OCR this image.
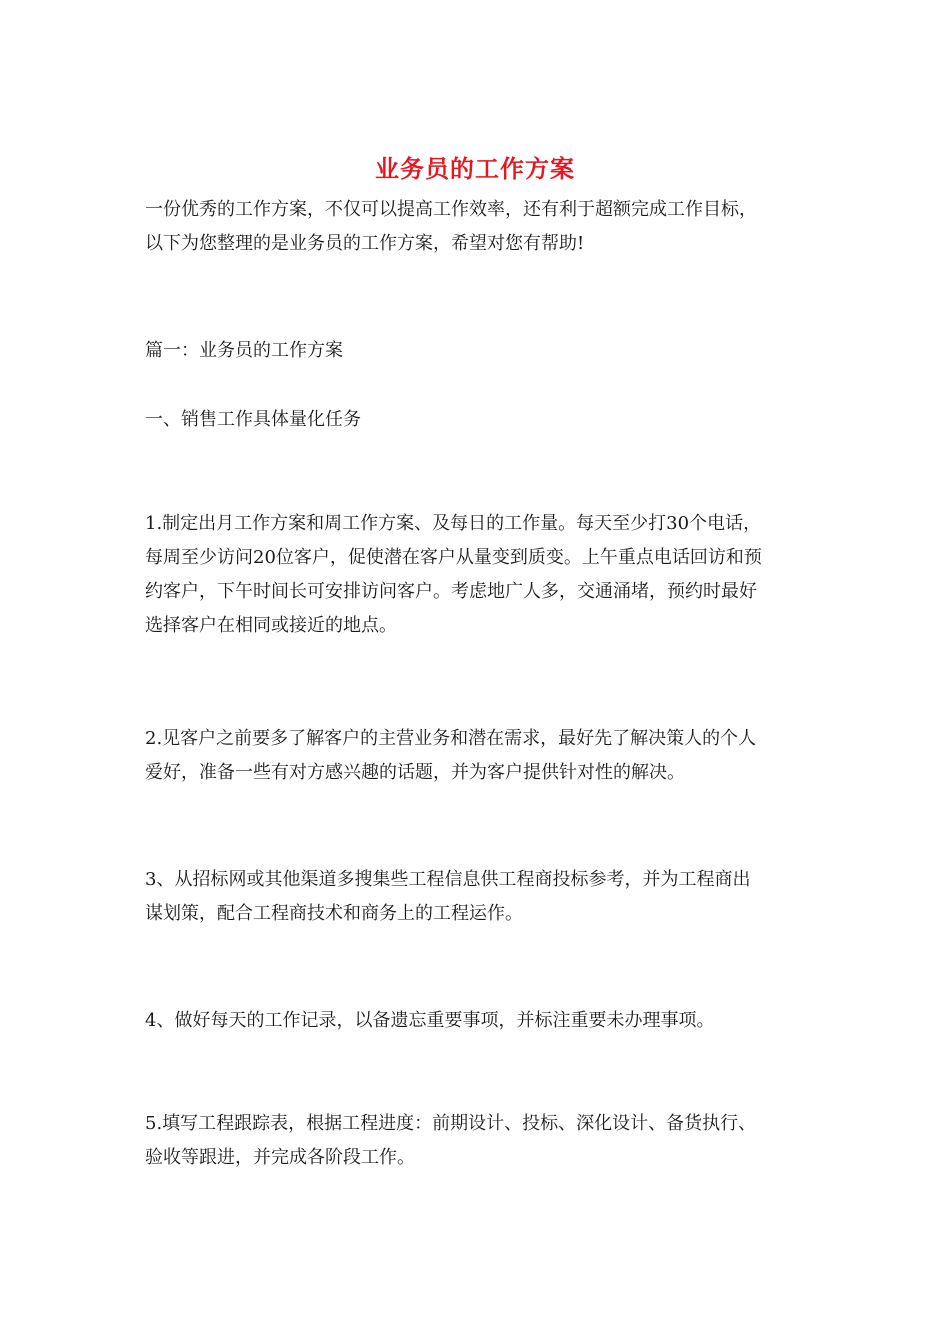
业务员的工作方案
一份优秀的工作方案，不仅可以提高工作效率，还有利于超额完成工作目标，
以下为您整理的是业务员的工作方案，希望对您有帮助!
篇一：业务员的工作方案
一、销售工作具体量化任务
1.制定出月工作方案和周工作方案、及每日的工作量。每天至少打30个电话，
每周至少访问20位客户，促使潜在客户从量变到质变。上午重点电话回访和预
约客户，下午时间长可安排访问客户。考虑地广人多，交通涌堵，预约时最好
选择客户在相同或接近的地点。
2.见客户之前要多了解客户的主营业务和潜在需求，最好先了解决策人的个人
爱好，准备一些有对方感兴趣的话题，并为客户提供针对性的解决。
3、从招标网或其他渠道多搜集些工程信息供工程商投标参考，并为工程商出
谋划策，配合工程商技术和商务上的工程运作。
4、做好每天的工作记录，以备遗忘重要事项，并标注重要未办理事项。
5.填写工程跟踪表，根据工程进度：前期设计、投标、深化设计、备货执行、
验收等跟进，并完成各阶段工作。
